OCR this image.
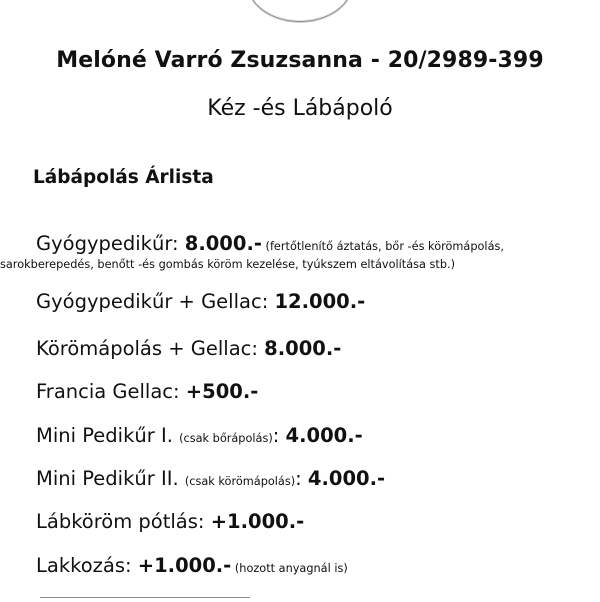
Melóné Varró Zsuzsanna - 20/2989-399
Kéz -és Lábápoló
Lábápolás Árlista
Gyógypedikűr: 8.000.- (fertőtlenítő áztatás, bőr -és körömápolás,
sarokberepedés, benőtt -és gombás köröm kezelése, tyúkszem eltávolítása stb.)
Gyógypedikűr + Gellac: 12.000.-
Körömápolás + Gellac: 8.000.-
Francia Gellac: +500.-
Mini Pedikűr I. (csak bőrápolás): 4.000.-
Mini Pedikűr II. (csak körömápolás): 4.000.-
Lábköröm pótlás: +1.000.-
Lakkozás: +1.000.- (hozott anyagnál is)
